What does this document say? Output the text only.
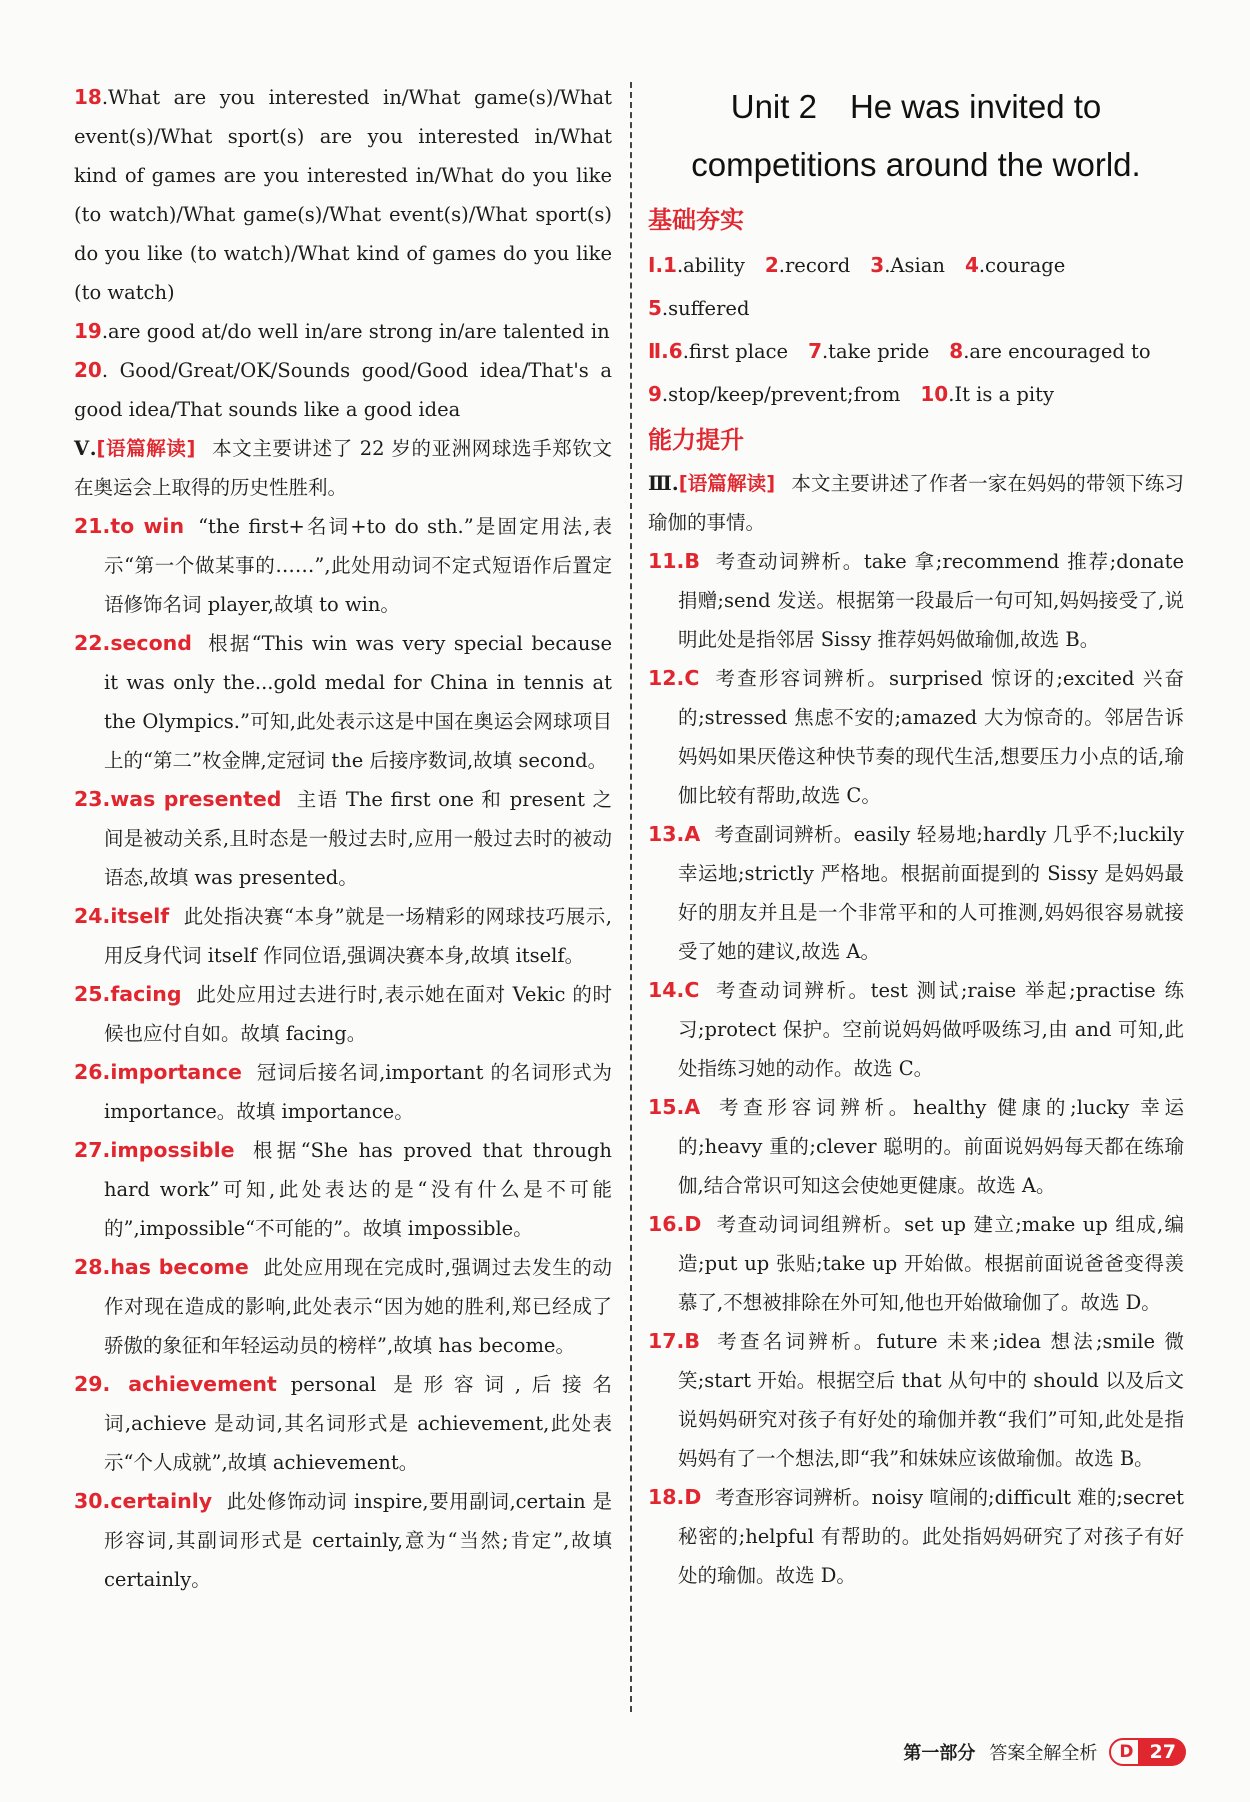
18.What are you interested in/What game(s)/What event(s)/What sport(s) are you interested in/What kind of games are you interested in/What do you like (to watch)/What game(s)/What event(s)/What sport(s) do you like (to watch)/What kind of games do you like (to watch)
19.are good at/do well in/are strong in/are talented in
20. Good/Great/OK/Sounds good/Good idea/That's a good idea/That sounds like a good idea
Ⅴ.[语篇解读] 本文主要讲述了 22 岁的亚洲网球选手郑钦文在奥运会上取得的历史性胜利。
21.to win “the first+名词+to do sth.”是固定用法,表示“第一个做某事的……”,此处用动词不定式短语作后置定语修饰名词 player,故填 to win。
22.second 根据“This win was very special because it was only the...gold medal for China in tennis at the Olympics.”可知,此处表示这是中国在奥运会网球项目上的“第二”枚金牌,定冠词 the 后接序数词,故填 second。
23.was presented 主语 The first one 和 present 之间是被动关系,且时态是一般过去时,应用一般过去时的被动语态,故填 was presented。
24.itself 此处指决赛“本身”就是一场精彩的网球技巧展示,用反身代词 itself 作同位语,强调决赛本身,故填 itself。
25.facing 此处应用过去进行时,表示她在面对 Vekic 的时候也应付自如。故填 facing。
26.importance 冠词后接名词,important 的名词形式为 importance。故填 importance。
27.impossible 根据“She has proved that through hard work”可知,此处表达的是“没有什么是不可能的”,impossible“不可能的”。故填 impossible。
28.has become 此处应用现在完成时,强调过去发生的动作对现在造成的影响,此处表示“因为她的胜利,郑已经成了骄傲的象征和年轻运动员的榜样”,故填 has become。
29. achievement personal 是形容词,后接名词,achieve 是动词,其名词形式是 achievement,此处表示“个人成就”,故填 achievement。
30.certainly 此处修饰动词 inspire,要用副词,certain 是形容词,其副词形式是 certainly,意为“当然;肯定”,故填 certainly。
Unit 2　He was invited to
competitions around the world.
基础夯实
Ⅰ.1.ability 2.record 3.Asian 4.courage5.suffered
Ⅱ.6.first place 7.take pride 8.are encouraged to
9.stop/keep/prevent;from 10.It is a pity
能力提升
Ⅲ.[语篇解读] 本文主要讲述了作者一家在妈妈的带领下练习瑜伽的事情。
11.B 考查动词辨析。take 拿;recommend 推荐;donate 捐赠;send 发送。根据第一段最后一句可知,妈妈接受了,说明此处是指邻居 Sissy 推荐妈妈做瑜伽,故选 B。
12.C 考查形容词辨析。surprised 惊讶的;excited 兴奋的;stressed 焦虑不安的;amazed 大为惊奇的。邻居告诉妈妈如果厌倦这种快节奏的现代生活,想要压力小点的话,瑜伽比较有帮助,故选 C。
13.A 考查副词辨析。easily 轻易地;hardly 几乎不;luckily 幸运地;strictly 严格地。根据前面提到的 Sissy 是妈妈最好的朋友并且是一个非常平和的人可推测,妈妈很容易就接受了她的建议,故选 A。
14.C 考查动词辨析。test 测试;raise 举起;practise 练习;protect 保护。空前说妈妈做呼吸练习,由 and 可知,此处指练习她的动作。故选 C。
15.A 考查形容词辨析。healthy 健康的;lucky 幸运的;heavy 重的;clever 聪明的。前面说妈妈每天都在练瑜伽,结合常识可知这会使她更健康。故选 A。
16.D 考查动词词组辨析。set up 建立;make up 组成,编造;put up 张贴;take up 开始做。根据前面说爸爸变得羡慕了,不想被排除在外可知,他也开始做瑜伽了。故选 D。
17.B 考查名词辨析。future 未来;idea 想法;smile 微笑;start 开始。根据空后 that 从句中的 should 以及后文说妈妈研究对孩子有好处的瑜伽并教“我们”可知,此处是指妈妈有了一个想法,即“我”和妹妹应该做瑜伽。故选 B。
18.D 考查形容词辨析。noisy 喧闹的;difficult 难的;secret 秘密的;helpful 有帮助的。此处指妈妈研究了对孩子有好处的瑜伽。故选 D。
第一部分 答案全解全析	D 27
